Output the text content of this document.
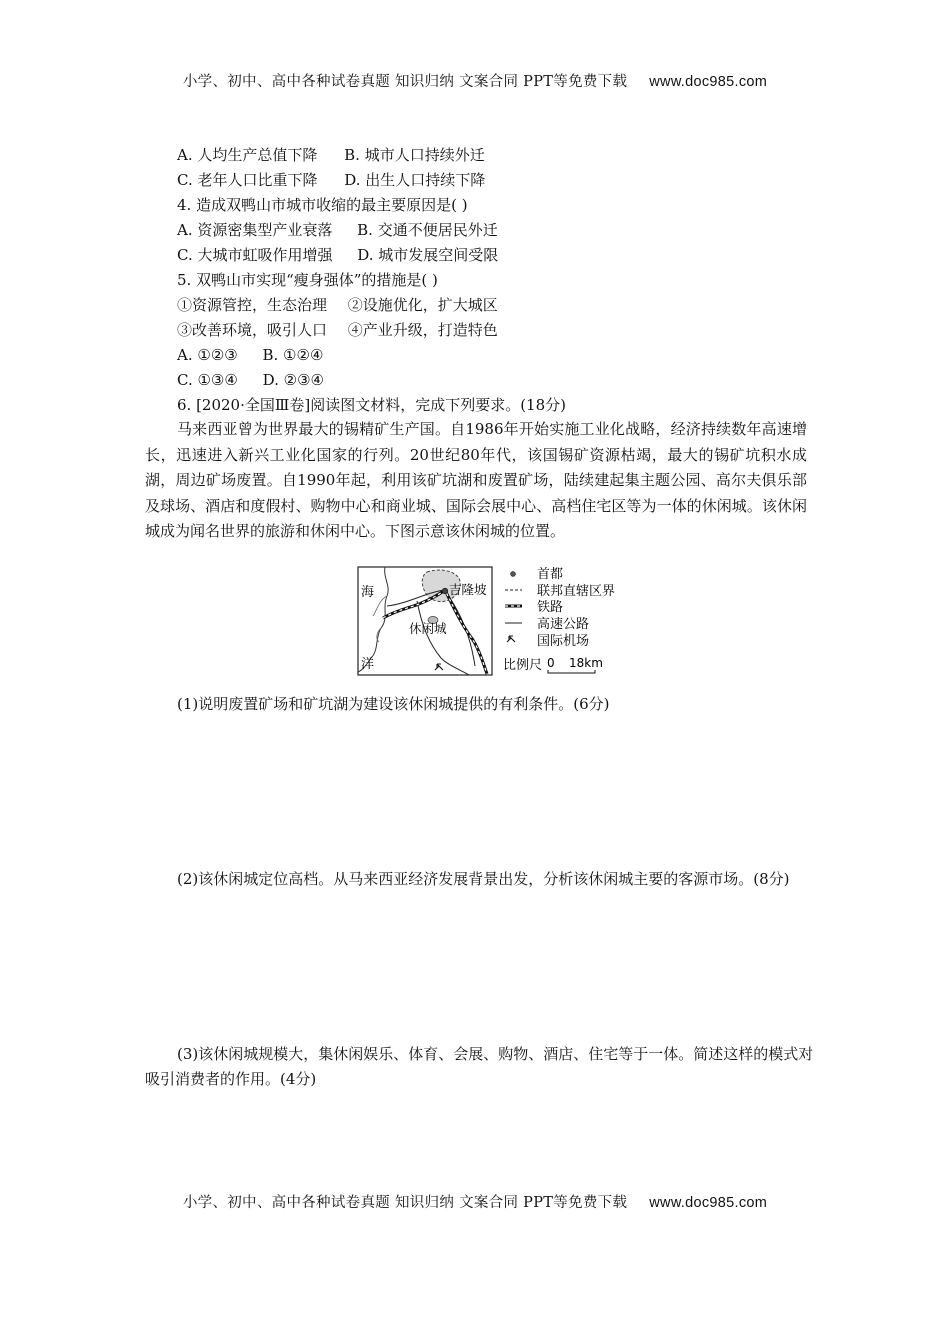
小学、初中、高中各种试卷真题 知识归纳 文案合同 PPT等免费下载 www.doc985.com
A. 人均生产总值下降 B. 城市人口持续外迁
C. 老年人口比重下降 D. 出生人口持续下降
4. 造成双鸭山市城市收缩的最主要原因是( )
A. 资源密集型产业衰落 B. 交通不便居民外迁
C. 大城市虹吸作用增强 D. 城市发展空间受限
5. 双鸭山市实现“瘦身强体”的措施是( )
①资源管控，生态治理 ②设施优化，扩大城区
③改善环境，吸引人口 ④产业升级，打造特色
A. ①②③ B. ①②④
C. ①③④ D. ②③④
6. [2020·全国Ⅲ卷]阅读图文材料，完成下列要求。(18分)
马来西亚曾为世界最大的锡精矿生产国。自1986年开始实施工业化战略，经济持续数年高速增长，迅速进入新兴工业化国家的行列。20世纪80年代，该国锡矿资源枯竭，最大的锡矿坑积水成湖，周边矿场废置。自1990年起，利用该矿坑湖和废置矿场，陆续建起集主题公园、高尔夫俱乐部及球场、酒店和度假村、购物中心和商业城、国际会展中心、高档住宅区等为一体的休闲城。该休闲城成为闻名世界的旅游和休闲中心。下图示意该休闲城的位置。
海
洋
吉隆坡
休闲城
首都
联邦直辖区界
铁路
高速公路
国际机场
比例尺 0 18km
(1)说明废置矿场和矿坑湖为建设该休闲城提供的有利条件。(6分)
(2)该休闲城定位高档。从马来西亚经济发展背景出发，分析该休闲城主要的客源市场。(8分)
(3)该休闲城规模大，集休闲娱乐、体育、会展、购物、酒店、住宅等于一体。简述这样的模式对吸引消费者的作用。(4分)
小学、初中、高中各种试卷真题 知识归纳 文案合同 PPT等免费下载 www.doc985.com
